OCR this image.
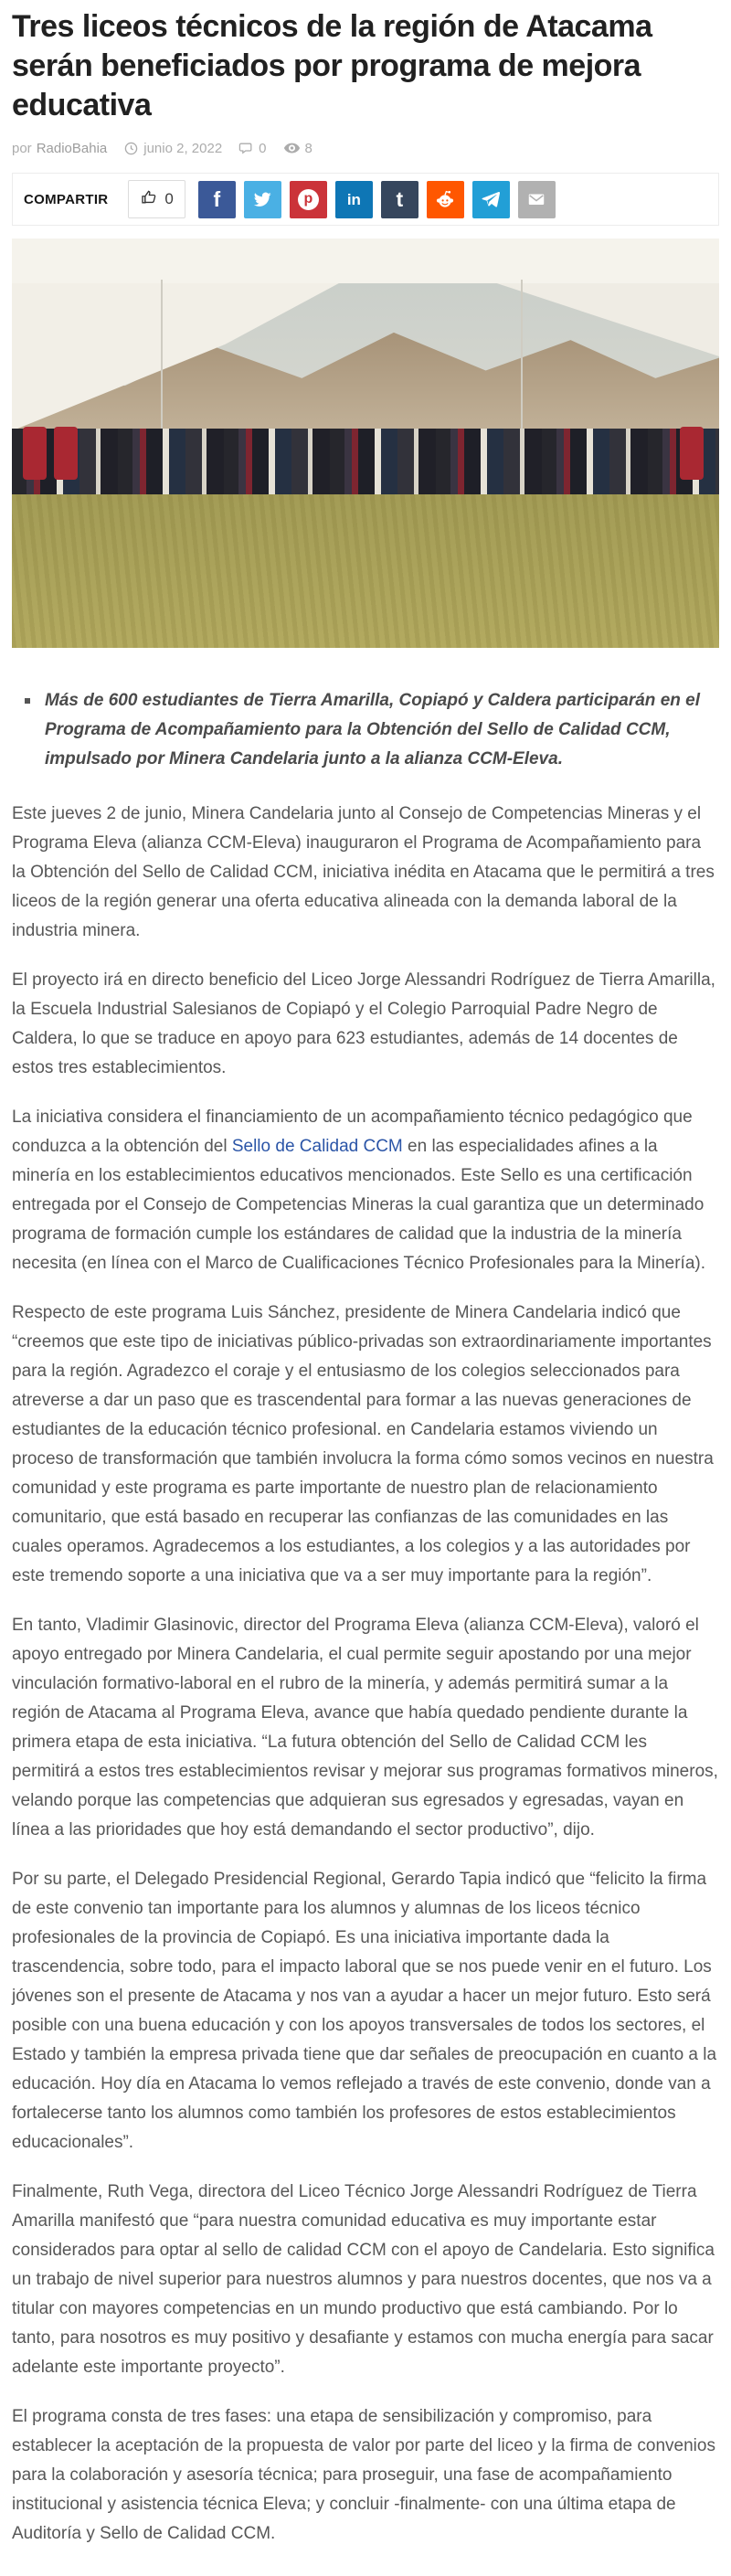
Tres liceos técnicos de la región de Atacama serán beneficiados por programa de mejora educativa
por RadioBahia	junio 2, 2022	0	8
COMPARTIR	0 f	p	in t
Más de 600 estudiantes de Tierra Amarilla, Copiapó y Caldera participarán en el Programa de Acompañamiento para la Obtención del Sello de Calidad CCM, impulsado por Minera Candelaria junto a la alianza CCM-Eleva.

Este jueves 2 de junio, Minera Candelaria junto al Consejo de Competencias Mineras y el Programa Eleva (alianza CCM-Eleva) inauguraron el Programa de Acompañamiento para la Obtención del Sello de Calidad CCM, iniciativa inédita en Atacama que le permitirá a tres liceos de la región generar una oferta educativa alineada con la demanda laboral de la industria minera.

El proyecto irá en directo beneficio del Liceo Jorge Alessandri Rodríguez de Tierra Amarilla, la Escuela Industrial Salesianos de Copiapó y el Colegio Parroquial Padre Negro de Caldera, lo que se traduce en apoyo para 623 estudiantes, además de 14 docentes de estos tres establecimientos.

La iniciativa considera el financiamiento de un acompañamiento técnico pedagógico que conduzca a la obtención del Sello de Calidad CCM en las especialidades afines a la minería en los establecimientos educativos mencionados. Este Sello es una certificación entregada por el Consejo de Competencias Mineras la cual garantiza que un determinado programa de formación cumple los estándares de calidad que la industria de la minería necesita (en línea con el Marco de Cualificaciones Técnico Profesionales para la Minería).

Respecto de este programa Luis Sánchez, presidente de Minera Candelaria indicó que “creemos que este tipo de iniciativas público-privadas son extraordinariamente importantes para la región. Agradezco el coraje y el entusiasmo de los colegios seleccionados para atreverse a dar un paso que es trascendental para formar a las nuevas generaciones de estudiantes de la educación técnico profesional. en Candelaria estamos viviendo un proceso de transformación que también involucra la forma cómo somos vecinos en nuestra comunidad y este programa es parte importante de nuestro plan de relacionamiento comunitario, que está basado en recuperar las confianzas de las comunidades en las cuales operamos. Agradecemos a los estudiantes, a los colegios y a las autoridades por este tremendo soporte a una iniciativa que va a ser muy importante para la región”.

En tanto, Vladimir Glasinovic, director del Programa Eleva (alianza CCM-Eleva), valoró el apoyo entregado por Minera Candelaria, el cual permite seguir apostando por una mejor vinculación formativo-laboral en el rubro de la minería, y además permitirá sumar a la región de Atacama al Programa Eleva, avance que había quedado pendiente durante la primera etapa de esta iniciativa. “La futura obtención del Sello de Calidad CCM les permitirá a estos tres establecimientos revisar y mejorar sus programas formativos mineros, velando porque las competencias que adquieran sus egresados y egresadas, vayan en línea a las prioridades que hoy está demandando el sector productivo”, dijo.

Por su parte, el Delegado Presidencial Regional, Gerardo Tapia indicó que “felicito la firma de este convenio tan importante para los alumnos y alumnas de los liceos técnico profesionales de la provincia de Copiapó. Es una iniciativa importante dada la trascendencia, sobre todo, para el impacto laboral que se nos puede venir en el futuro. Los jóvenes son el presente de Atacama y nos van a ayudar a hacer un mejor futuro. Esto será posible con una buena educación y con los apoyos transversales de todos los sectores, el Estado y también la empresa privada tiene que dar señales de preocupación en cuanto a la educación. Hoy día en Atacama lo vemos reflejado a través de este convenio, donde van a fortalecerse tanto los alumnos como también los profesores de estos establecimientos educacionales”.

Finalmente, Ruth Vega, directora del Liceo Técnico Jorge Alessandri Rodríguez de Tierra Amarilla manifestó que “para nuestra comunidad educativa es muy importante estar considerados para optar al sello de calidad CCM con el apoyo de Candelaria. Esto significa un trabajo de nivel superior para nuestros alumnos y para nuestros docentes, que nos va a titular con mayores competencias en un mundo productivo que está cambiando. Por lo tanto, para nosotros es muy positivo y desafiante y estamos con mucha energía para sacar adelante este importante proyecto”.

El programa consta de tres fases: una etapa de sensibilización y compromiso, para establecer la aceptación de la propuesta de valor por parte del liceo y la firma de convenios para la colaboración y asesoría técnica; para proseguir, una fase de acompañamiento institucional y asistencia técnica Eleva; y concluir -finalmente- con una última etapa de Auditoría y Sello de Calidad CCM.
